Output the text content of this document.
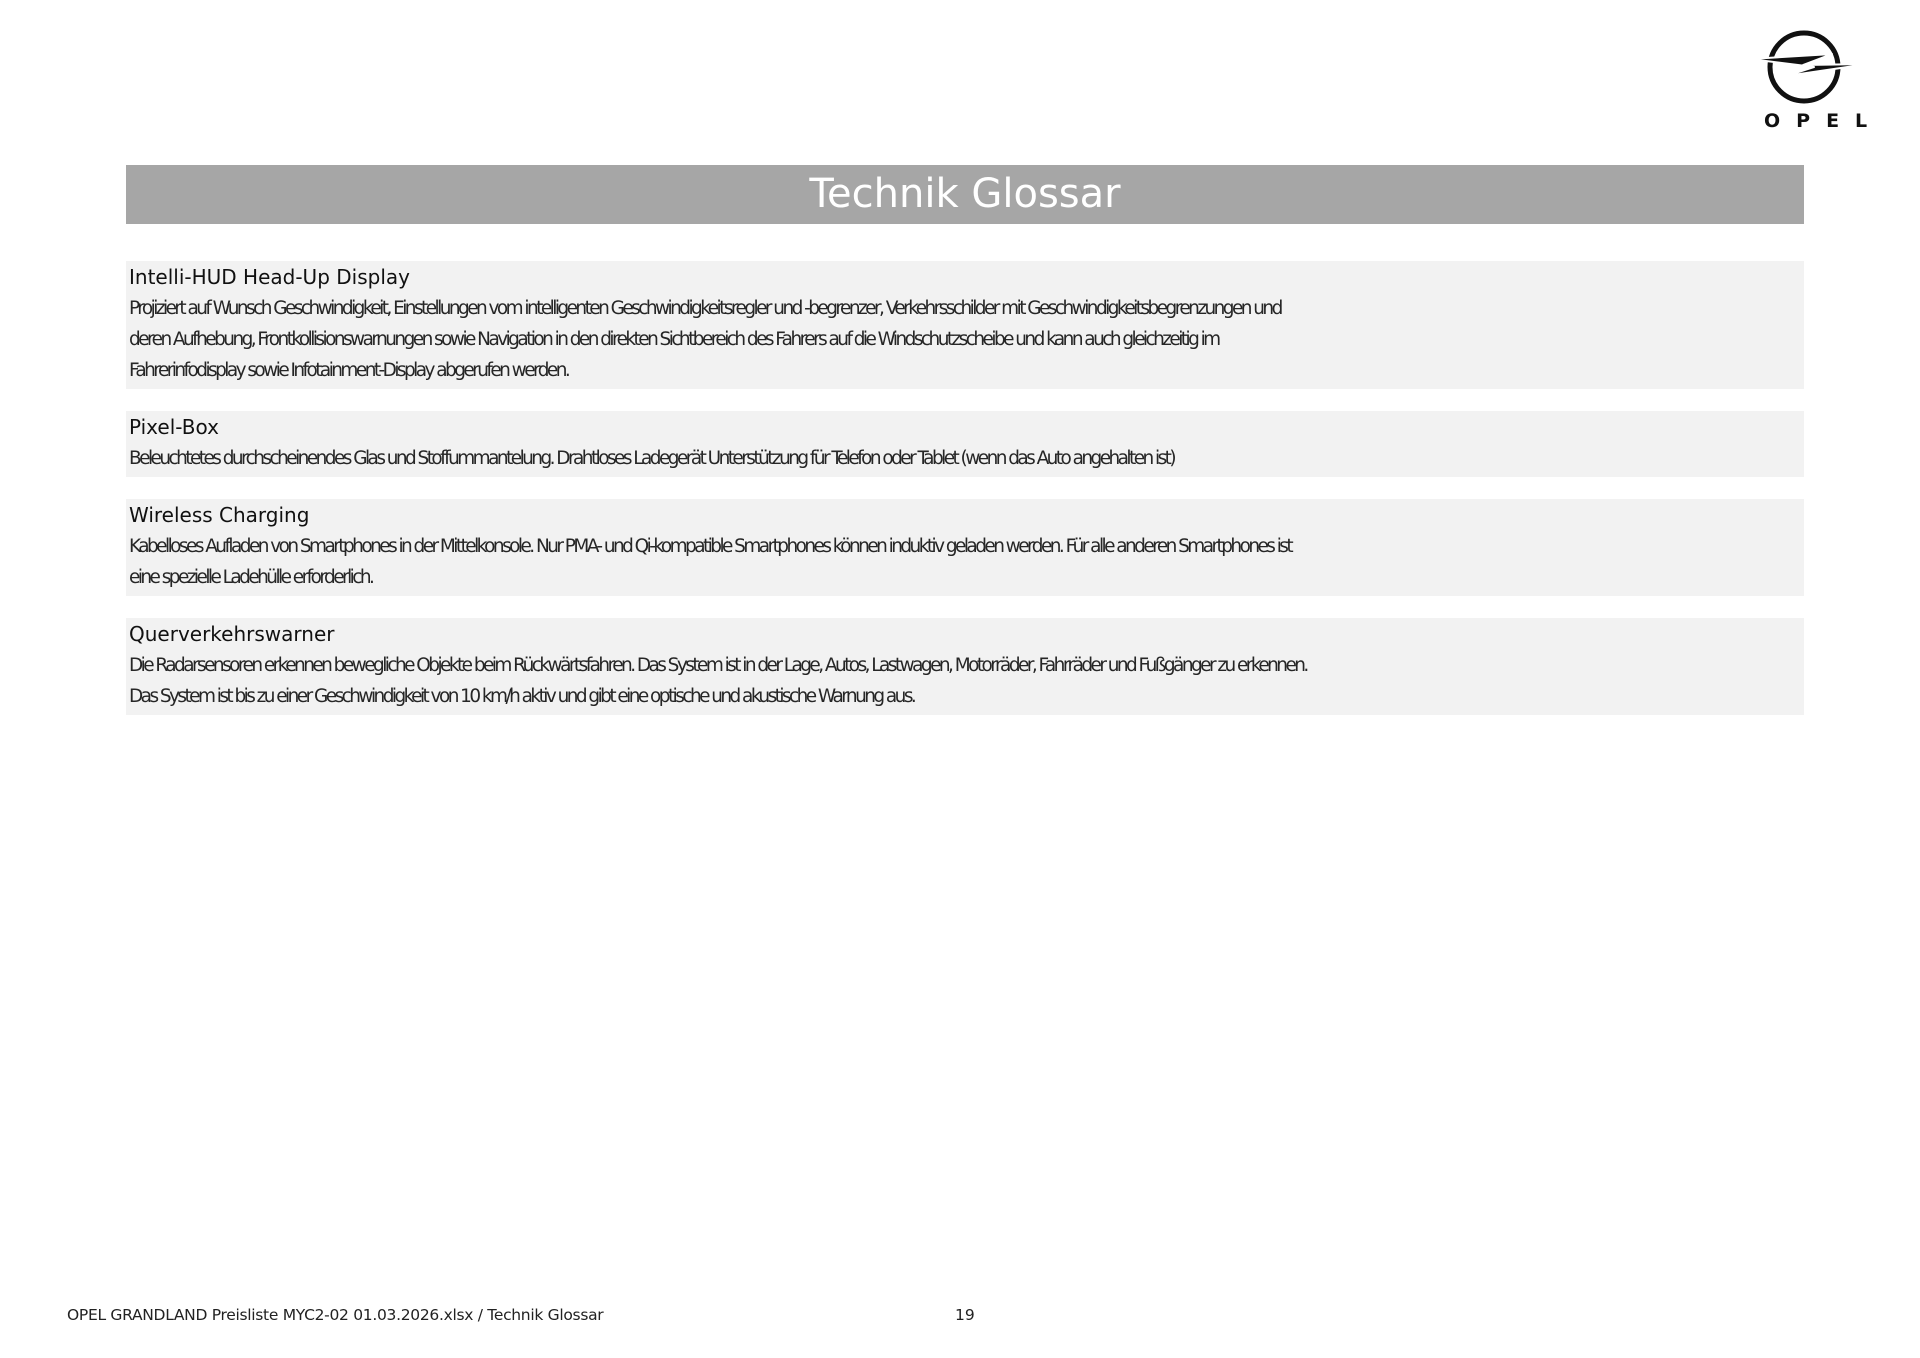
OPEL
Technik Glossar
Intelli-HUD Head-Up Display
Projiziert auf Wunsch Geschwindigkeit, Einstellungen vom intelligenten Geschwindigkeitsregler und -begrenzer, Verkehrsschilder mit Geschwindigkeitsbegrenzungen und
deren Aufhebung, Frontkollisionswarnungen sowie Navigation in den direkten Sichtbereich des Fahrers auf die Windschutzscheibe und kann auch gleichzeitig im
Fahrerinfodisplay sowie Infotainment-Display abgerufen werden.
Pixel-Box
Beleuchtetes durchscheinendes Glas und Stoffummantelung. Drahtloses Ladegerät Unterstützung für Telefon oder Tablet (wenn das Auto angehalten ist)
Wireless Charging
Kabelloses Aufladen von Smartphones in der Mittelkonsole. Nur PMA- und Qi-kompatible Smartphones können induktiv geladen werden. Für alle anderen Smartphones ist
eine spezielle Ladehülle erforderlich.
Querverkehrswarner
Die Radarsensoren erkennen bewegliche Objekte beim Rückwärtsfahren. Das System ist in der Lage, Autos, Lastwagen, Motorräder, Fahrräder und Fußgänger zu erkennen.
Das System ist bis zu einer Geschwindigkeit von 10 km/h aktiv und gibt eine optische und akustische Warnung aus.
OPEL GRANDLAND Preisliste MYC2-02 01.03.2026.xlsx / Technik Glossar	19
